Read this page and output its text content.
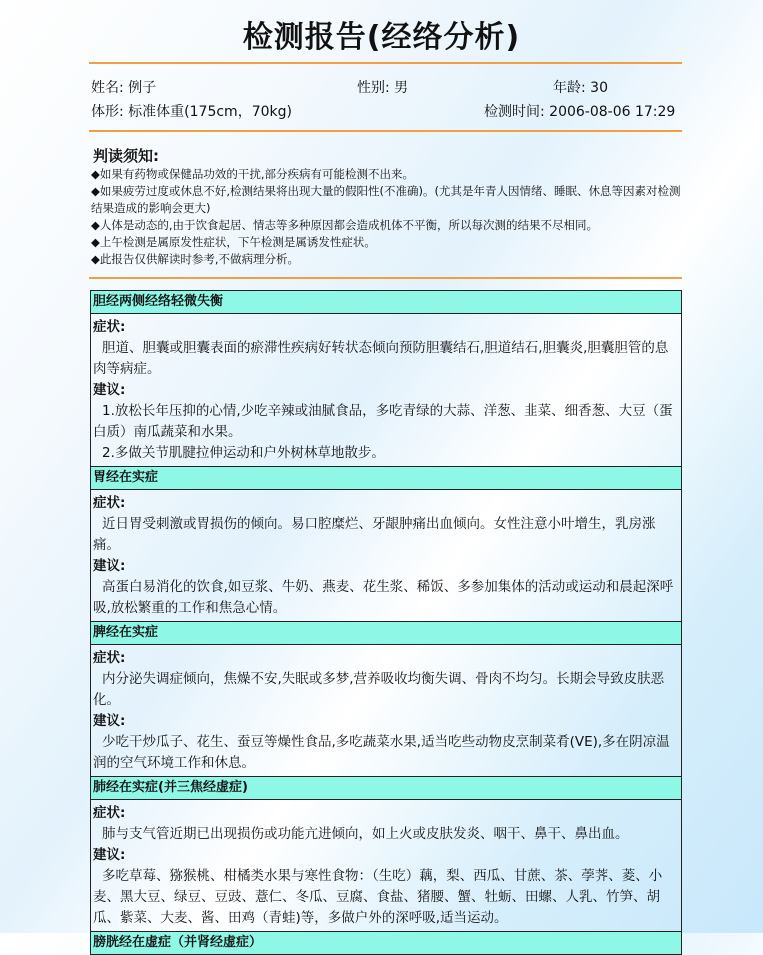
检测报告(经络分析)
姓名: 例子	性别: 男	年龄: 30
体形: 标准体重(175cm，70kg)	检测时间: 2006-08-06 17:29
判读须知:
◆如果有药物或保健品功效的干扰,部分疾病有可能检测不出来。
◆如果疲劳过度或休息不好,检测结果将出现大量的假阳性(不准确)。(尤其是年青人因情绪、睡眠、休息等因素对检测结果造成的影响会更大)
◆人体是动态的,由于饮食起居、情志等多种原因都会造成机体不平衡，所以每次测的结果不尽相同。
◆上午检测是属原发性症状，下午检测是属诱发性症状。
◆此报告仅供解读时参考,不做病理分析。
胆经两侧经络轻微失衡
症状:
胆道、胆囊或胆囊表面的瘀滞性疾病好转状态倾向预防胆囊结石,胆道结石,胆囊炎,胆囊胆管的息肉等病症。
建议:
1.放松长年压抑的心情,少吃辛辣或油腻食品，多吃青绿的大蒜、洋葱、韭菜、细香葱、大豆（蛋白质）南瓜蔬菜和水果。
2.多做关节肌腱拉伸运动和户外树林草地散步。
胃经在实症
症状:
近日胃受刺激或胃损伤的倾向。易口腔糜烂、牙龈肿痛出血倾向。女性注意小叶增生，乳房涨痛。
建议:
高蛋白易消化的饮食,如豆浆、牛奶、燕麦、花生浆、稀饭、多参加集体的活动或运动和晨起深呼吸,放松繁重的工作和焦急心情。
脾经在实症
症状:
内分泌失调症倾向，焦燥不安,失眠或多梦,营养吸收均衡失调、骨肉不均匀。长期会导致皮肤恶化。
建议:
少吃干炒瓜子、花生、蚕豆等燥性食品,多吃蔬菜水果,适当吃些动物皮烹制菜肴(VE),多在阴凉温润的空气环境工作和休息。
肺经在实症(并三焦经虚症)
症状:
肺与支气管近期已出现损伤或功能亢进倾向，如上火或皮肤发炎、咽干、鼻干、鼻出血。
建议:
多吃草莓、猕猴桃、柑橘类水果与寒性食物：（生吃）藕，梨、西瓜、甘蔗、茶、荸荠、菱、小麦、黑大豆、绿豆、豆豉、薏仁、冬瓜、豆腐、食盐、猪腰、蟹、牡蛎、田螺、人乳、竹笋、胡瓜、紫菜、大麦、酱、田鸡（青蛙)等，多做户外的深呼吸,适当运动。
膀胱经在虚症（并肾经虚症）
